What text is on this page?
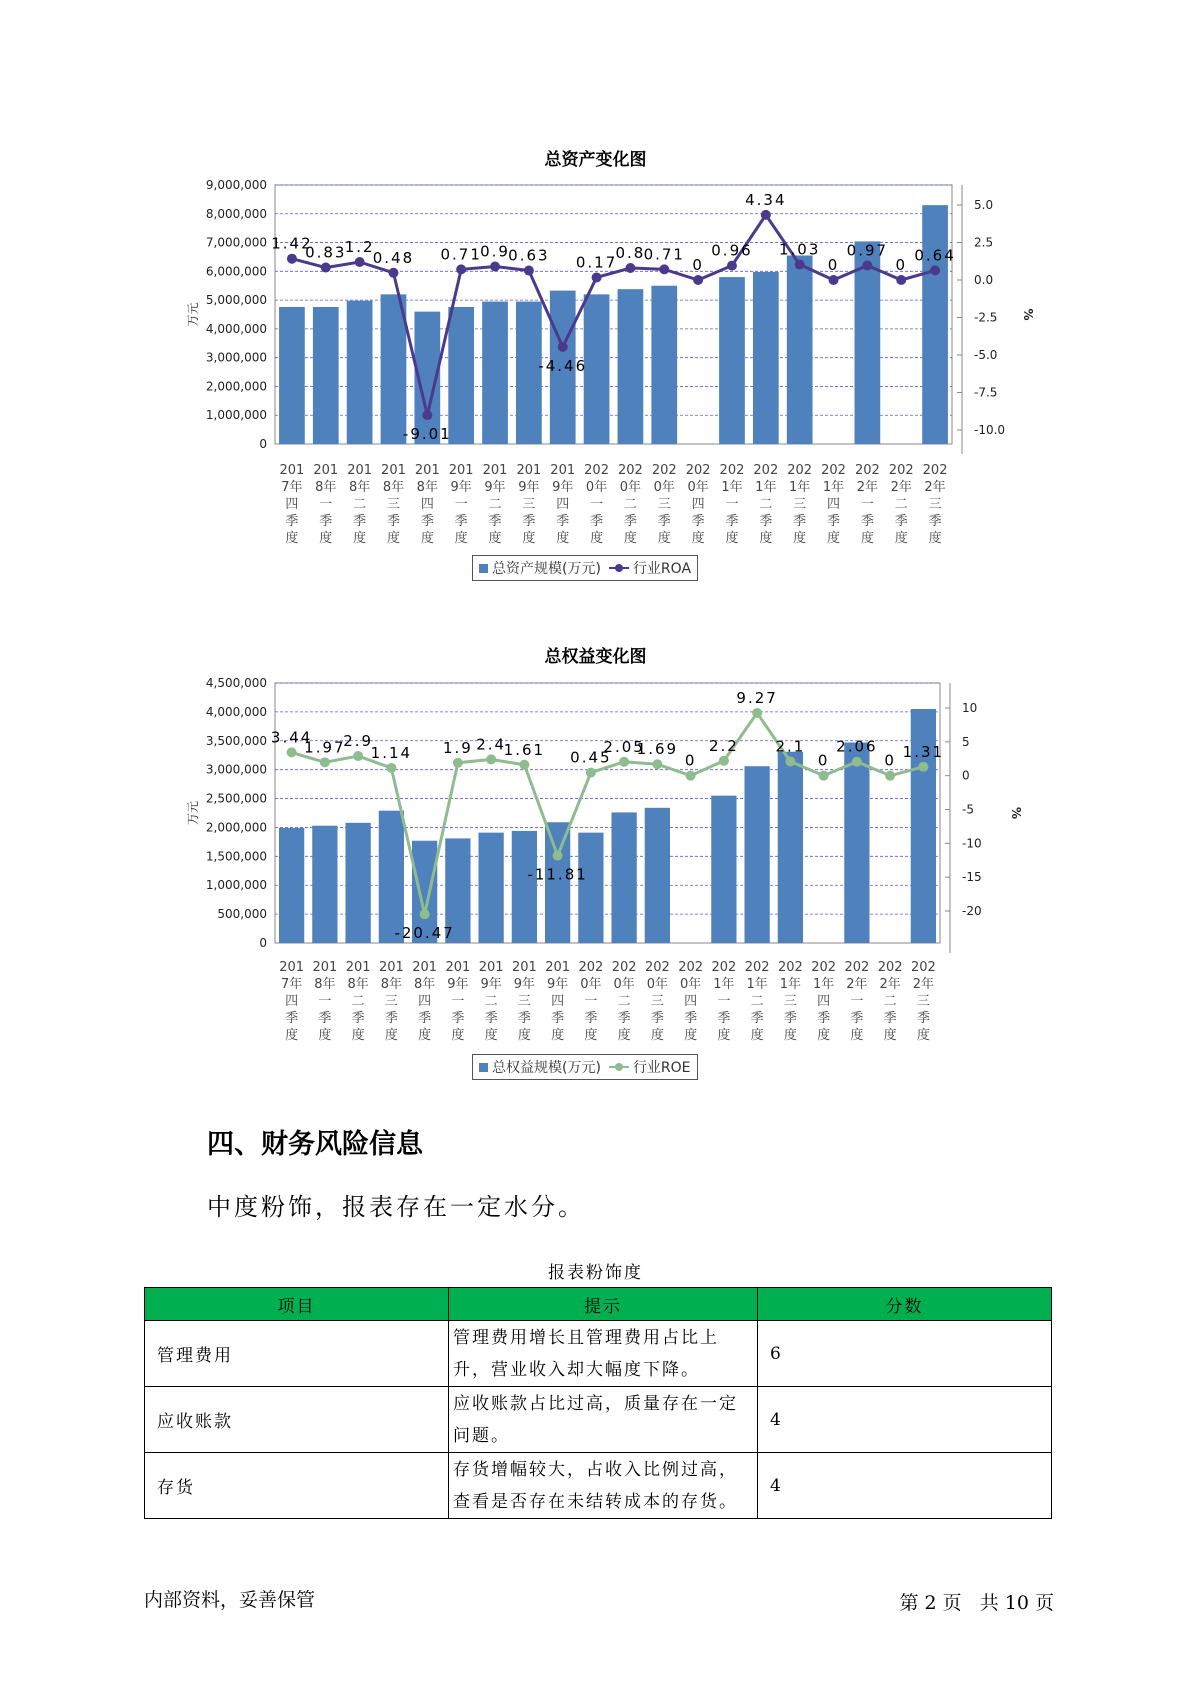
总资产变化图
0
1,000,000
2,000,000
3,000,000
4,000,000
5,000,000
6,000,000
7,000,000
8,000,000
9,000,000
万元
5.0
2.5
0.0
-2.5
-5.0
-7.5
-10.0
%
1.42
0.83
1.2
0.48
-9.01
0.71
0.9
0.63
-4.46
0.17
0.8
0.71
0
0.96
4.34
1.03
0
0.97
0
0.64
201
7年
四
季
度
201
8年
一
季
度
201
8年
二
季
度
201
8年
三
季
度
201
8年
四
季
度
201
9年
一
季
度
201
9年
二
季
度
201
9年
三
季
度
201
9年
四
季
度
202
0年
一
季
度
202
0年
二
季
度
202
0年
三
季
度
202
0年
四
季
度
202
1年
一
季
度
202
1年
二
季
度
202
1年
三
季
度
202
1年
四
季
度
202
2年
一
季
度
202
2年
二
季
度
202
2年
三
季
度
总资产规模(万元) 行业ROA
总权益变化图
0
500,000
1,000,000
1,500,000
2,000,000
2,500,000
3,000,000
3,500,000
4,000,000
4,500,000
万元
10
5
0
-5
-10
-15
-20
%
3.44
1.97
2.9
1.14
-20.47
1.9 2.4
1.61
-11.81
0.45
2.05
1.69
0
2.2
9.27
2.1
0
2.06
0 1.31
201
7年
四
季
度
201
8年
一
季
度
201
8年
二
季
度
201
8年
三
季
度
201
8年
四
季
度
201
9年
一
季
度
201
9年
二
季
度
201
9年
三
季
度
201
9年
四
季
度
202
0年
一
季
度
202
0年
二
季
度
202
0年
三
季
度
202
0年
四
季
度
202
1年
一
季
度
202
1年
二
季
度
202
1年
三
季
度
202
1年
四
季
度
202
2年
一
季
度
202
2年
二
季
度
202
2年
三
季
度
总权益规模(万元) 行业ROE
四、财务风险信息
中度粉饰，报表存在一定水分。
报表粉饰度
项目	提示	分数
管理费用	管理费用增长且管理费用占比上升，营业收入却大幅度下降。	6
应收账款	应收账款占比过高，质量存在一定问题。	4
存货	存货增幅较大，占收入比例过高，查看是否存在未结转成本的存货。	4
内部资料，妥善保管	第 2 页   共 10 页
